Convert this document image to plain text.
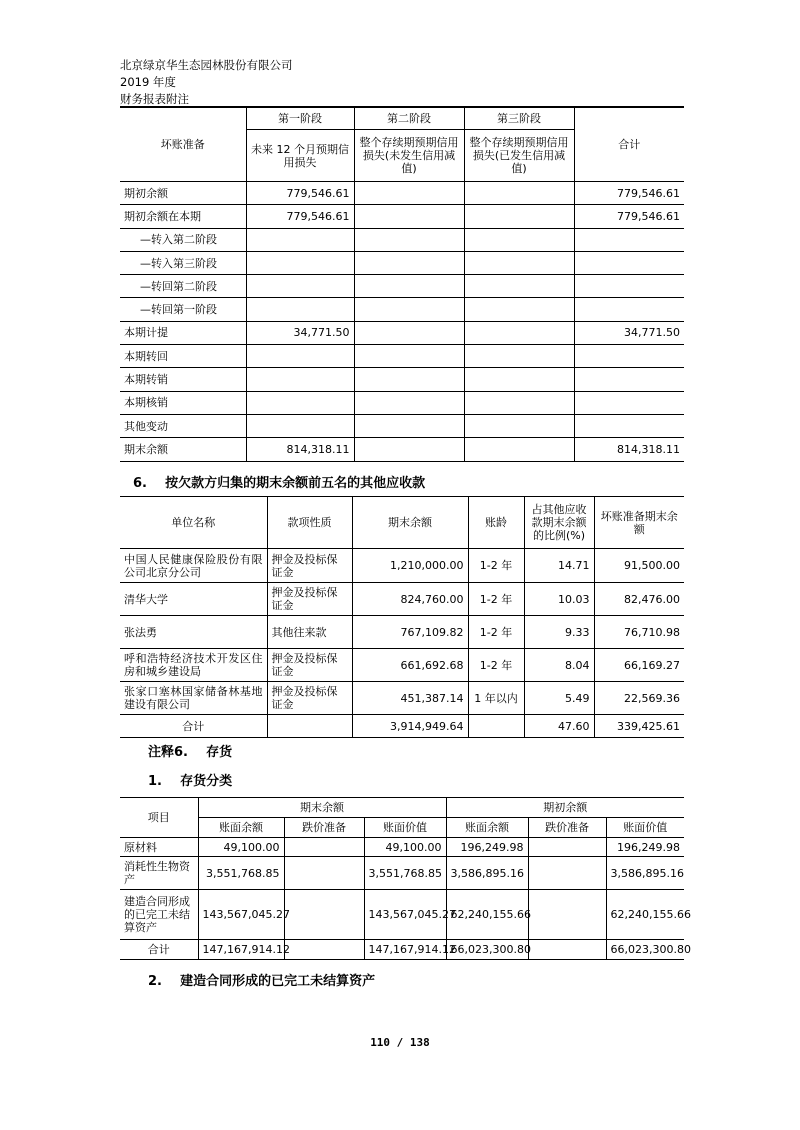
北京绿京华生态园林股份有限公司
2019 年度
财务报表附注
坏账准备	第一阶段	第二阶段	第三阶段	合计
	未来 12 个月预期信用损失	整个存续期预期信用损失(未发生信用减值)	整个存续期预期信用损失(已发生信用减值)	
期初余额	779,546.61			779,546.61
期初余额在本期	779,546.61			779,546.61
—转入第二阶段				
—转入第三阶段				
—转回第二阶段				
—转回第一阶段				
本期计提	34,771.50			34,771.50
本期转回				
本期转销				
本期核销				
其他变动				
期末余额	814,318.11			814,318.11
6. 按欠款方归集的期末余额前五名的其他应收款
单位名称	款项性质	期末余额	账龄	占其他应收款期末余额的比例(%)	坏账准备期末余额
中国人民健康保险股份有限公司北京分公司	押金及投标保证金	1,210,000.00	1-2 年	14.71	91,500.00
清华大学	押金及投标保证金	824,760.00	1-2 年	10.03	82,476.00
张法勇	其他往来款	767,109.82	1-2 年	9.33	76,710.98
呼和浩特经济技术开发区住房和城乡建设局	押金及投标保证金	661,692.68	1-2 年	8.04	66,169.27
张家口塞林国家储备林基地建设有限公司	押金及投标保证金	451,387.14	1 年以内	5.49	22,569.36
合计		3,914,949.64		47.60	339,425.61
注释6. 存货
1. 存货分类
项目	期末余额			期初余额		
	账面余额	跌价准备	账面价值	账面余额	跌价准备	账面价值
原材料	49,100.00		49,100.00	196,249.98		196,249.98
消耗性生物资产	3,551,768.85		3,551,768.85	3,586,895.16		3,586,895.16
建造合同形成的已完工未结算资产	143,567,045.27		143,567,045.27	62,240,155.66		62,240,155.66
合计	147,167,914.12		147,167,914.12	66,023,300.80		66,023,300.80
2. 建造合同形成的已完工未结算资产
110 / 138
